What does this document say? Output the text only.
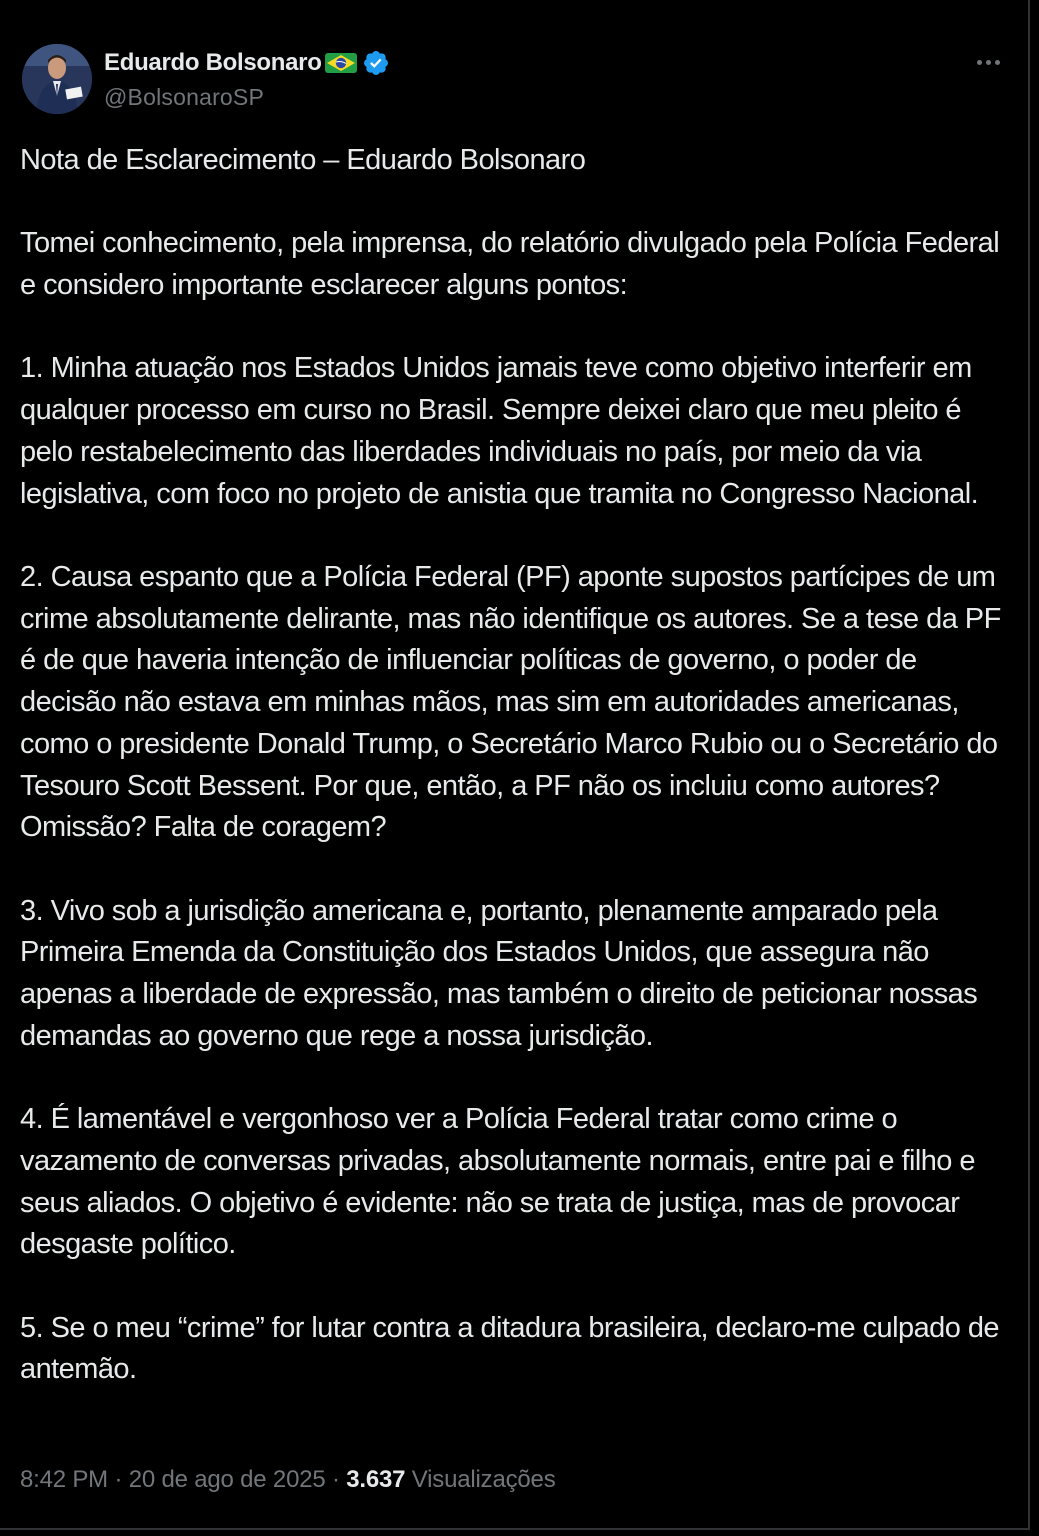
Eduardo Bolsonaro
@BolsonaroSP

Nota de Esclarecimento – Eduardo Bolsonaro

Tomei conhecimento, pela imprensa, do relatório divulgado pela Polícia Federal e considero importante esclarecer alguns pontos:

1. Minha atuação nos Estados Unidos jamais teve como objetivo interferir em qualquer processo em curso no Brasil. Sempre deixei claro que meu pleito é pelo restabelecimento das liberdades individuais no país, por meio da via legislativa, com foco no projeto de anistia que tramita no Congresso Nacional.

2. Causa espanto que a Polícia Federal (PF) aponte supostos partícipes de um crime absolutamente delirante, mas não identifique os autores. Se a tese da PF é de que haveria intenção de influenciar políticas de governo, o poder de decisão não estava em minhas mãos, mas sim em autoridades americanas, como o presidente Donald Trump, o Secretário Marco Rubio ou o Secretário do Tesouro Scott Bessent. Por que, então, a PF não os incluiu como autores? Omissão? Falta de coragem?

3. Vivo sob a jurisdição americana e, portanto, plenamente amparado pela Primeira Emenda da Constituição dos Estados Unidos, que assegura não apenas a liberdade de expressão, mas também o direito de peticionar nossas demandas ao governo que rege a nossa jurisdição.

4. É lamentável e vergonhoso ver a Polícia Federal tratar como crime o vazamento de conversas privadas, absolutamente normais, entre pai e filho e seus aliados. O objetivo é evidente: não se trata de justiça, mas de provocar desgaste político.

5. Se o meu “crime” for lutar contra a ditadura brasileira, declaro-me culpado de antemão.

8:42 PM · 20 de ago de 2025 · 3.637 Visualizações
